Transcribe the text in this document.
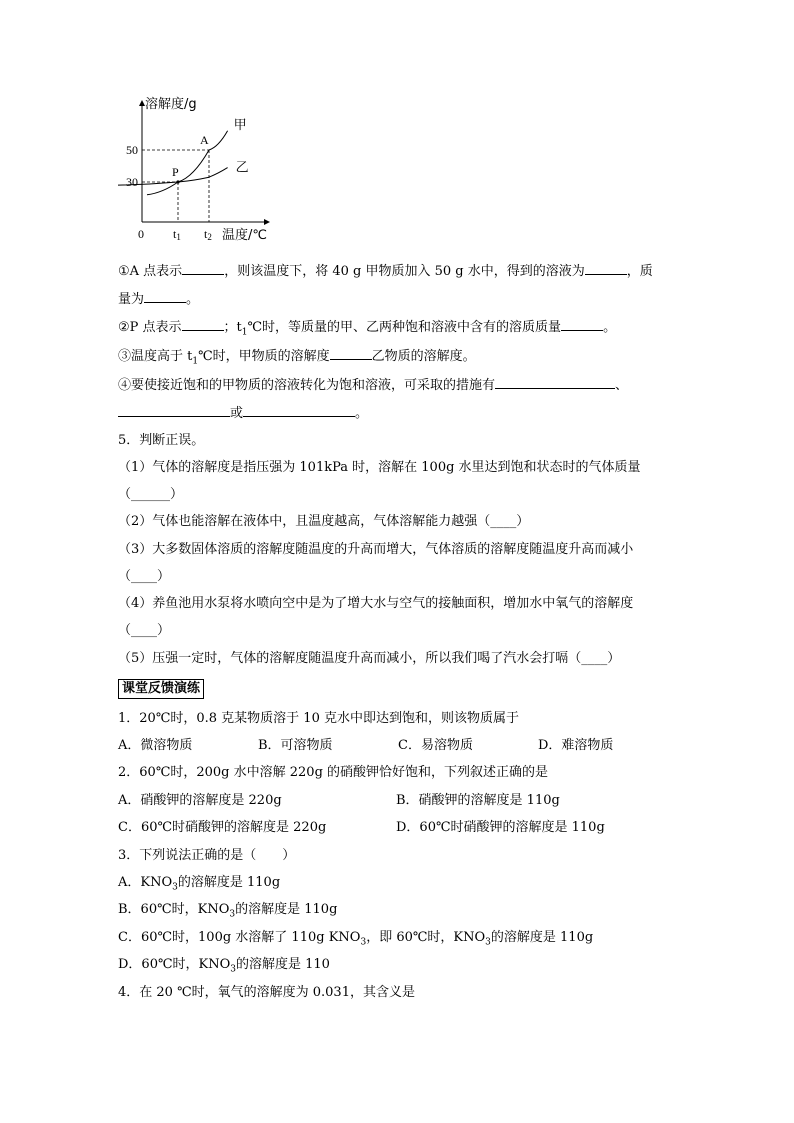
甲
乙
A
P
50
30
0 t1 t2
溶解度/g
温度/℃
①A 点表示	，则该温度下，将 40 g 甲物质加入 50 g 水中，得到的溶液为	，质
量为	。
②P 点表示	；$t_1℃$时，等质量的甲、乙两种饱和溶液中含有的溶质质量	。
③温度高于 $t_1℃$时，甲物质的溶解度	乙物质的溶解度。
④要使接近饱和的甲物质的溶液转化为饱和溶液，可采取的措施有	、
或	。
5．判断正误。
（1）气体的溶解度是指压强为 101kPa 时，溶解在 100g 水里达到饱和状态时的气体质量
（______）
（2）气体也能溶解在液体中，且温度越高，气体溶解能力越强（____）
（3）大多数固体溶质的溶解度随温度的升高而增大，气体溶质的溶解度随温度升高而减小
（____）
（4）养鱼池用水泵将水喷向空中是为了增大水与空气的接触面积，增加水中氧气的溶解度
（____）
（5）压强一定时，气体的溶解度随温度升高而减小，所以我们喝了汽水会打嗝（____）
课堂反馈演练
1．20℃时，0.8 克某物质溶于 10 克水中即达到饱和，则该物质属于
A．微溶物质	B．可溶物质	C．易溶物质	D．难溶物质
2．60℃时，200g 水中溶解 220g 的硝酸钾恰好饱和，下列叙述正确的是
A．硝酸钾的溶解度是 220g	B．硝酸钾的溶解度是 110g
C．60℃时硝酸钾的溶解度是 220g	D．60℃时硝酸钾的溶解度是 110g
3．下列说法正确的是（　　）
A．$KNO_3$的溶解度是 110g
B．60℃时，$KNO_3$的溶解度是 110g
C．60℃时，100g 水溶解了 110g $KNO_3$，即 60℃时，$KNO_3$的溶解度是 110g
D．60℃时，$KNO_3$的溶解度是 110
4．在 20 ℃时，氧气的溶解度为 0.031，其含义是
